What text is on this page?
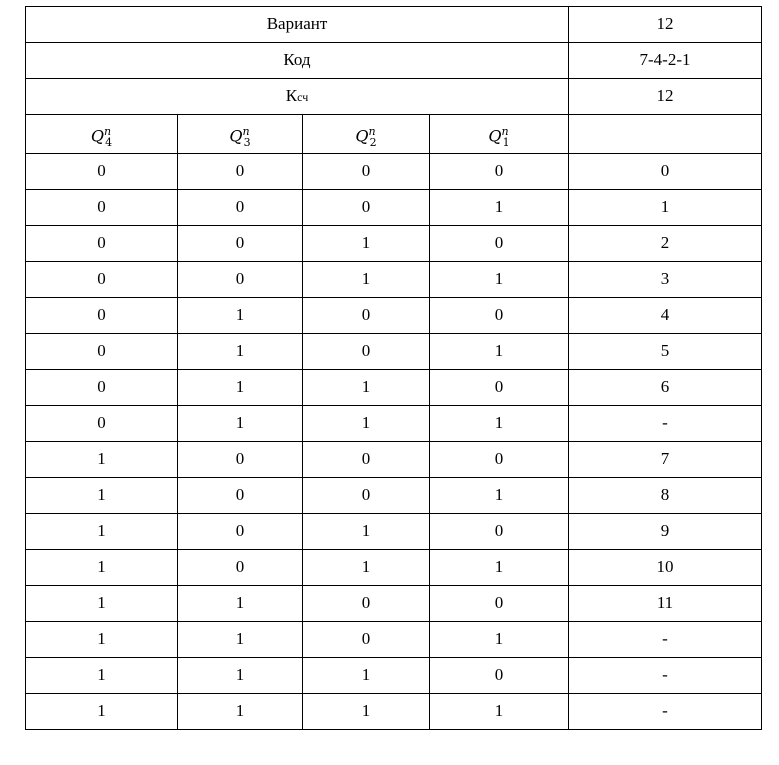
Вариант				12
Код				7-4-2-1
Ксч				12
$Q^n_4$	$Q^n_3$	$Q^n_2$	$Q^n_1$	
0	0	0	0	0
0	0	0	1	1
0	0	1	0	2
0	0	1	1	3
0	1	0	0	4
0	1	0	1	5
0	1	1	0	6
0	1	1	1	-
1	0	0	0	7
1	0	0	1	8
1	0	1	0	9
1	0	1	1	10
1	1	0	0	11
1	1	0	1	-
1	1	1	0	-
1	1	1	1	-
